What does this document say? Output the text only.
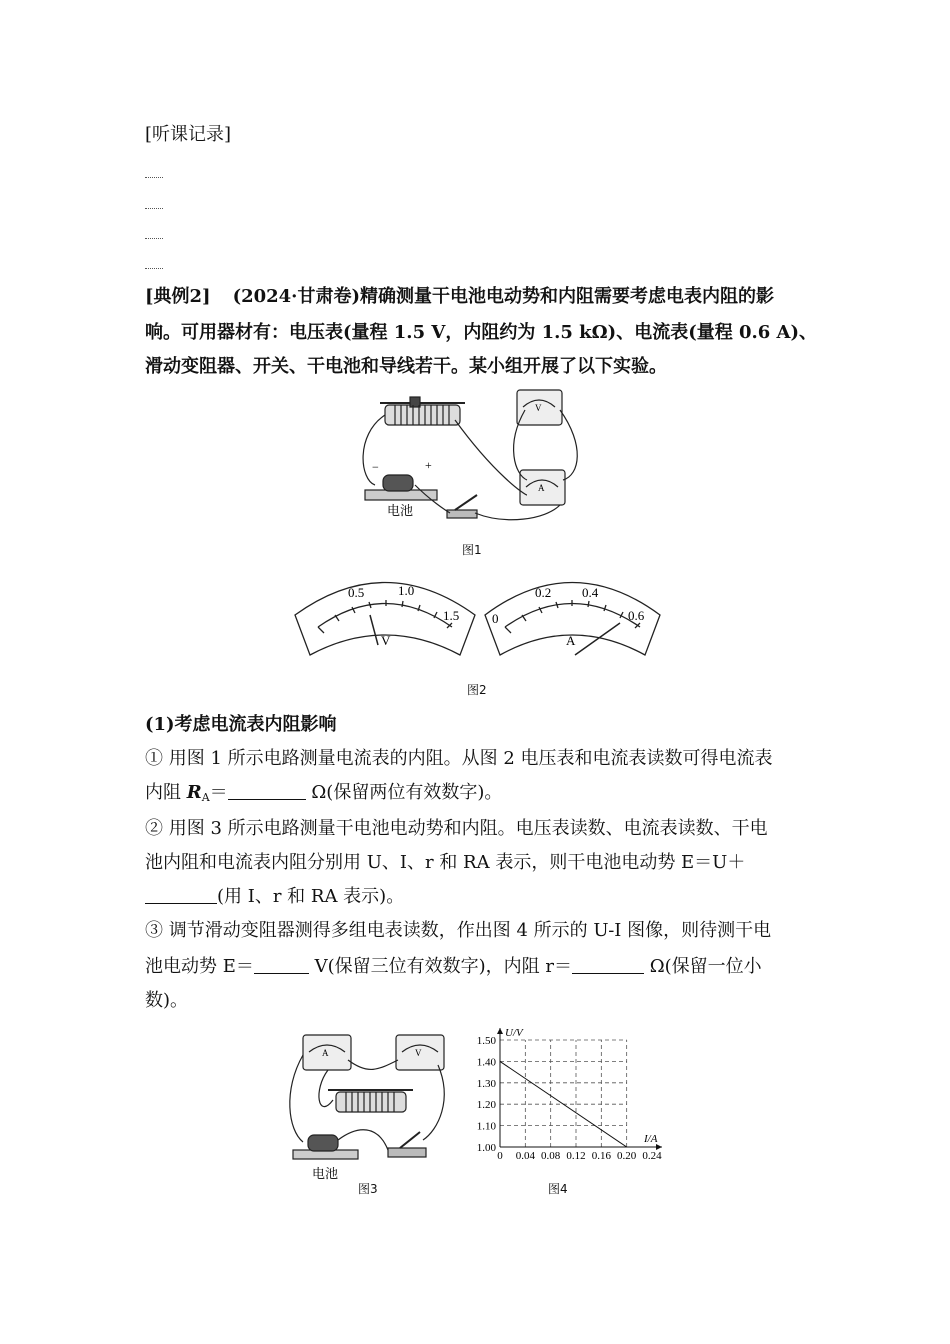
[听课记录]
[典例2] (2024·甘肃卷)精确测量干电池电动势和内阻需要考虑电表内阻的影
响。可用器材有：电压表(量程 1.5 V，内阻约为 1.5 kΩ)、电流表(量程 0.6 A)、
滑动变阻器、开关、干电池和导线若干。某小组开展了以下实验。
−	+
V
A
电池
图1
0.5	1.0
1.5
V
0
0.2 0.4
0.6
A
图2
(1)考虑电流表内阻影响
① 用图 1 所示电路测量电流表的内阻。从图 2 电压表和电流表读数可得电流表
内阻 $R_A=$	Ω(保留两位有效数字)。
② 用图 3 所示电路测量干电池电动势和内阻。电压表读数、电流表读数、干电
池内阻和电流表内阻分别用 U、I、r 和 RA 表示，则干电池电动势 E＝U＋
(用 I、r 和 RA 表示)。
③ 调节滑动变阻器测得多组电表读数，作出图 4 所示的 U-I 图像，则待测干电
池电动势 E＝	V(保留三位有效数字)，内阻 r＝	Ω(保留一位小
数)。
A	V
电池
图3
0 0.04 0.08 0.12 0.16 0.20 0.24
1.00
1.10
1.20
1.30
1.40
1.50
I/A
U/V
图4
